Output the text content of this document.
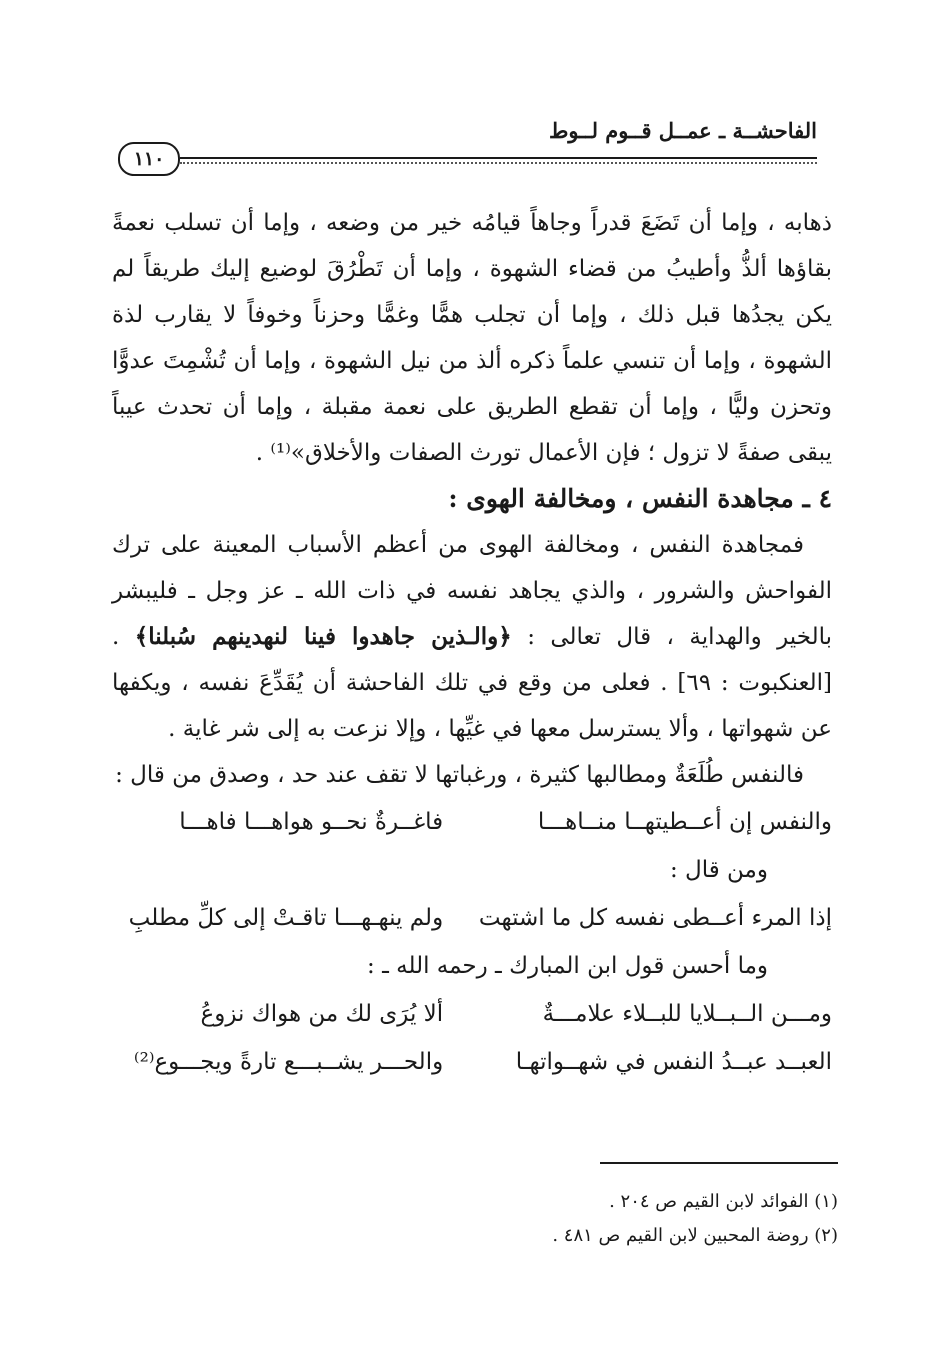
الفاحشــة ـ عمــل قــوم لــوط
١١٠

ذهابه ، وإما أن تَضَعَ قدراً وجاهاً قيامُه خير من وضعه ، وإما أن تسلب نعمةً بقاؤها ألذُّ وأطيبُ من قضاء الشهوة ، وإما أن تَطْرُقَ لوضيع إليك طريقاً لم يكن يجدُها قبل ذلك ، وإما أن تجلب همًّا وغمًّا وحزناً وخوفاً لا يقارب لذة الشهوة ، وإما أن تنسي علماً ذكره ألذ من نيل الشهوة ، وإما أن تُشْمِتَ عدوًّا وتحزن وليًّا ، وإما أن تقطع الطريق على نعمة مقبلة ، وإما أن تحدث عيباً يبقى صفةً لا تزول ؛ فإن الأعمال تورث الصفات والأخلاق»⁽¹⁾ .

٤ ـ مجاهدة النفس ، ومخالفة الهوى :

فمجاهدة النفس ، ومخالفة الهوى من أعظم الأسباب المعينة على ترك الفواحش والشرور ، والذي يجاهد نفسه في ذات الله ـ عز وجل ـ فليبشر بالخير والهداية ، قال تعالى : ﴿والـذين جاهدوا فينا لنهدينهم سُبلنا﴾ . [العنكبوت : ٦٩] . فعلى من وقع في تلك الفاحشة أن يُقَدِّعَ نفسه ، ويكفها عن شهواتها ، وألا يسترسل معها في غيِّها ، وإلا نزعت به إلى شر غاية .

فالنفس طُلَعَةٌ ومطالبها كثيرة ، ورغباتها لا تقف عند حد ، وصدق من قال :

والنفس إن أعــطيتهــا منــاهـــا
فاغــرةٌ نحــو هواهـــا فاهـــا

ومن قال :

إذا المرء أعــطى نفسه كل ما اشتهت
ولم ينهـهـــا تاقـتْ إلى كلِّ مطلبِ

وما أحسن قول ابن المبارك ـ رحمه الله ـ :

ومـــن الــبــلايا للبــلاء علامـــةٌ
ألا يُرَى لك من هواك نزوعُ
العبــد عبــدُ النفس في شهــواتهـا
والحـــر يشــبـــع تارةً ويجـــوع⁽²⁾

(١) الفوائد لابن القيم ص ٢٠٤ .

(٢) روضة المحبين لابن القيم ص ٤٨١ .
